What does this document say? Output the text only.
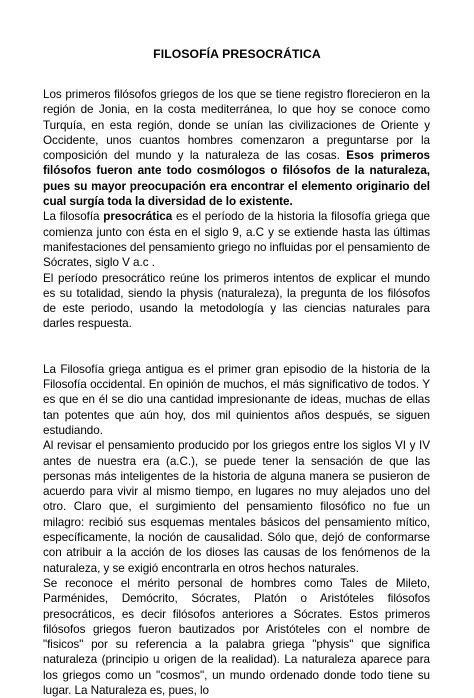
FILOSOFÍA PRESOCRÁTICA

Los primeros filósofos griegos de los que se tiene registro florecieron en la región de Jonia, en la costa mediterránea, lo que hoy se conoce como Turquía, en esta región, donde se unían las civilizaciones de Oriente y Occidente, unos cuantos hombres comenzaron a preguntarse por la composición del mundo y la naturaleza de las cosas. Esos primeros filósofos fueron ante todo cosmólogos o filósofos de la naturaleza, pues su mayor preocupación era encontrar el elemento originario del cual surgía toda la diversidad de lo existente.

La filosofía presocrática es el período de la historia la filosofía griega que comienza junto con ésta en el siglo 9, a.C y se extiende hasta las últimas manifestaciones del pensamiento griego no influidas por el pensamiento de Sócrates, siglo V a.c .

El período presocrático reúne los primeros intentos de explicar el mundo es su totalidad, siendo la physis (naturaleza), la pregunta de los filósofos de este periodo, usando la metodología y las ciencias naturales para darles respuesta.

La Filosofía griega antigua es el primer gran episodio de la historia de la Filosofía occidental. En opinión de muchos, el más significativo de todos. Y es que en él se dio una cantidad impresionante de ideas, muchas de ellas tan potentes que aún hoy, dos mil quinientos años después, se siguen estudiando.

Al revisar el pensamiento producido por los griegos entre los siglos VI y IV antes de nuestra era (a.C.), se puede tener la sensación de que las personas más inteligentes de la historia de alguna manera se pusieron de acuerdo para vivir al mismo tiempo, en lugares no muy alejados uno del otro. Claro que, el surgimiento del pensamiento filosófico no fue un milagro: recibió sus esquemas mentales básicos del pensamiento mítico, específicamente, la noción de causalidad. Sólo que, dejó de conformarse con atribuir a la acción de los dioses las causas de los fenómenos de la naturaleza, y se exigió encontrarla en otros hechos naturales.

Se reconoce el mérito personal de hombres como Tales de Mileto, Parménides, Demócrito, Sócrates, Platón o Aristóteles filósofos presocráticos, es decir filósofos anteriores a Sócrates. Estos primeros filósofos griegos fueron bautizados por Aristóteles con el nombre de "fisicos" por su referencia a la palabra griega "physis" que significa naturaleza (principio u origen de la realidad). La naturaleza aparece para los griegos como un "cosmos", un mundo ordenado donde todo tiene su lugar. La Naturaleza es, pues, lo
